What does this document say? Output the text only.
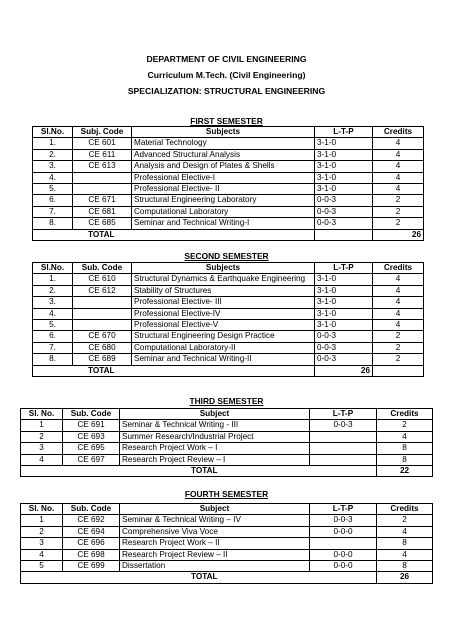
DEPARTMENT OF CIVIL ENGINEERING
Curriculum M.Tech. (Civil Engineering)
SPECIALIZATION: STRUCTURAL ENGINEERING
FIRST SEMESTER
Sl.No.	Subj. Code	Subjects	L-T-P	Credits
1.	CE 601	Material Technology	3-1-0	4
2.	CE 611	Advanced Structural Analysis	3-1-0	4
3.	CE 613	Analysis and Design of Plates & Shells	3-1-0	4
4.		Professional Elective-I	3-1-0	4
5.		Professional Elective- II	3-1-0	4
6.	CE 671	Structural Engineering Laboratory	0-0-3	2
7.	CE 681	Computational Laboratory	0-0-3	2
8.	CE 685	Seminar and Technical Writing-I	0-0-3	2
TOTAL				26
SECOND SEMESTER
Sl.No.	Sub. Code	Subjects	L-T-P	Credits
1.	CE 610	Structural Dynamics & Earthquake Engineering	3-1-0	4
2.	CE 612	Stability of Structures	3-1-0	4
3.		Professional Elective- III	3-1-0	4
4.		Professional Elective-IV	3-1-0	4
5.		Professional Elective-V	3-1-0	4
6.	CE 670	Structural Engineering Design Practice	0-0-3	2
7.	CE 680	Computational Laboratory-II	0-0-3	2
8.	CE 689	Seminar and Technical Writing-II	0-0-3	2
TOTAL			26	
THIRD SEMESTER
Sl. No.	Sub. Code	Subject	L-T-P	Credits
1	CE 691	Seminar & Technical Writing - III	0-0-3	2
2	CE 693	Summer Research/Industrial Project		4
3	CE 695	Research Project Work – I		8
4	CE 697	Research Project Review – I		8
TOTAL				22
FOURTH SEMESTER
Sl. No.	Sub. Code	Subject	L-T-P	Credits
1	CE 692	Seminar & Technical Writing – IV	0-0-3	2
2	CE 694	Comprehensive Viva Voce	0-0-0	4
3	CE 696	Research Project Work – II		8
4	CE 698	Research Project Review – II	0-0-0	4
5	CE 699	Dissertation	0-0-0	8
TOTAL				26
